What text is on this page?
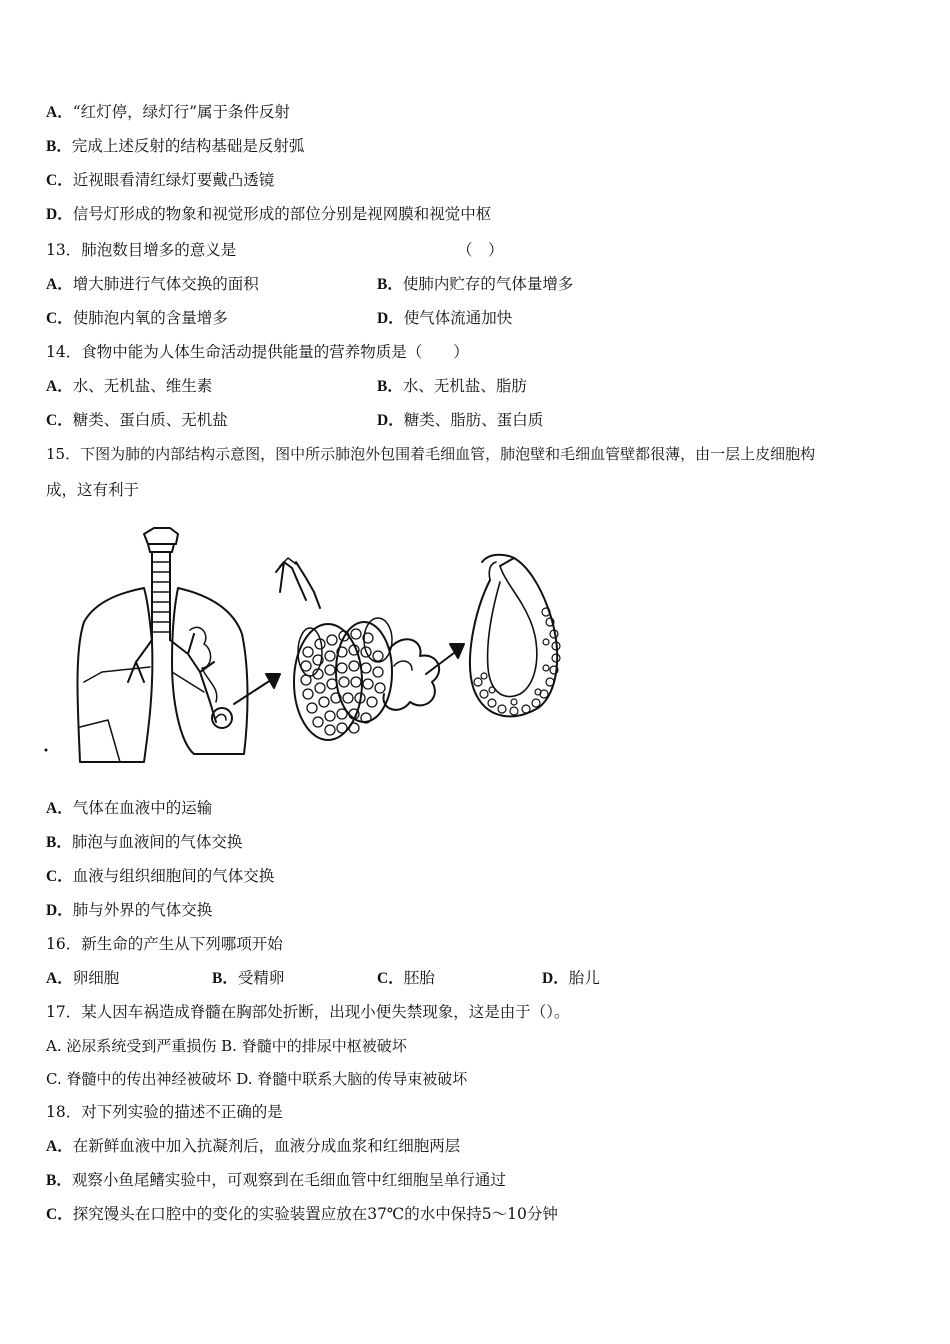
A．“红灯停，绿灯行”属于条件反射
B．完成上述反射的结构基础是反射弧
C．近视眼看清红绿灯要戴凸透镜
D．信号灯形成的物象和视觉形成的部位分别是视网膜和视觉中枢
13．肺泡数目增多的意义是	（　）
A．增大肺进行气体交换的面积	B．使肺内贮存的气体量增多
C．使肺泡内氧的含量增多	D．使气体流通加快
14．食物中能为人体生命活动提供能量的营养物质是（　　）
A．水、无机盐、维生素	B．水、无机盐、脂肪
C．糖类、蛋白质、无机盐	D．糖类、脂肪、蛋白质
15．下图为肺的内部结构示意图，图中所示肺泡外包围着毛细血管，肺泡壁和毛细血管壁都很薄，由一层上皮细胞构
成，这有利于
A．气体在血液中的运输
B．肺泡与血液间的气体交换
C．血液与组织细胞间的气体交换
D．肺与外界的气体交换
16．新生命的产生从下列哪项开始
A．卵细胞	B．受精卵	C．胚胎	D．胎儿
17．某人因车祸造成脊髓在胸部处折断，出现小便失禁现象，这是由于（）。
A. 泌尿系统受到严重损伤 B. 脊髓中的排尿中枢被破坏
C. 脊髓中的传出神经被破坏 D. 脊髓中联系大脑的传导束被破坏
18．对下列实验的描述不正确的是
A．在新鲜血液中加入抗凝剂后，血液分成血浆和红细胞两层
B．观察小鱼尾鳍实验中，可观察到在毛细血管中红细胞呈单行通过
C．探究馒头在口腔中的变化的实验装置应放在37℃的水中保持5～10分钟
